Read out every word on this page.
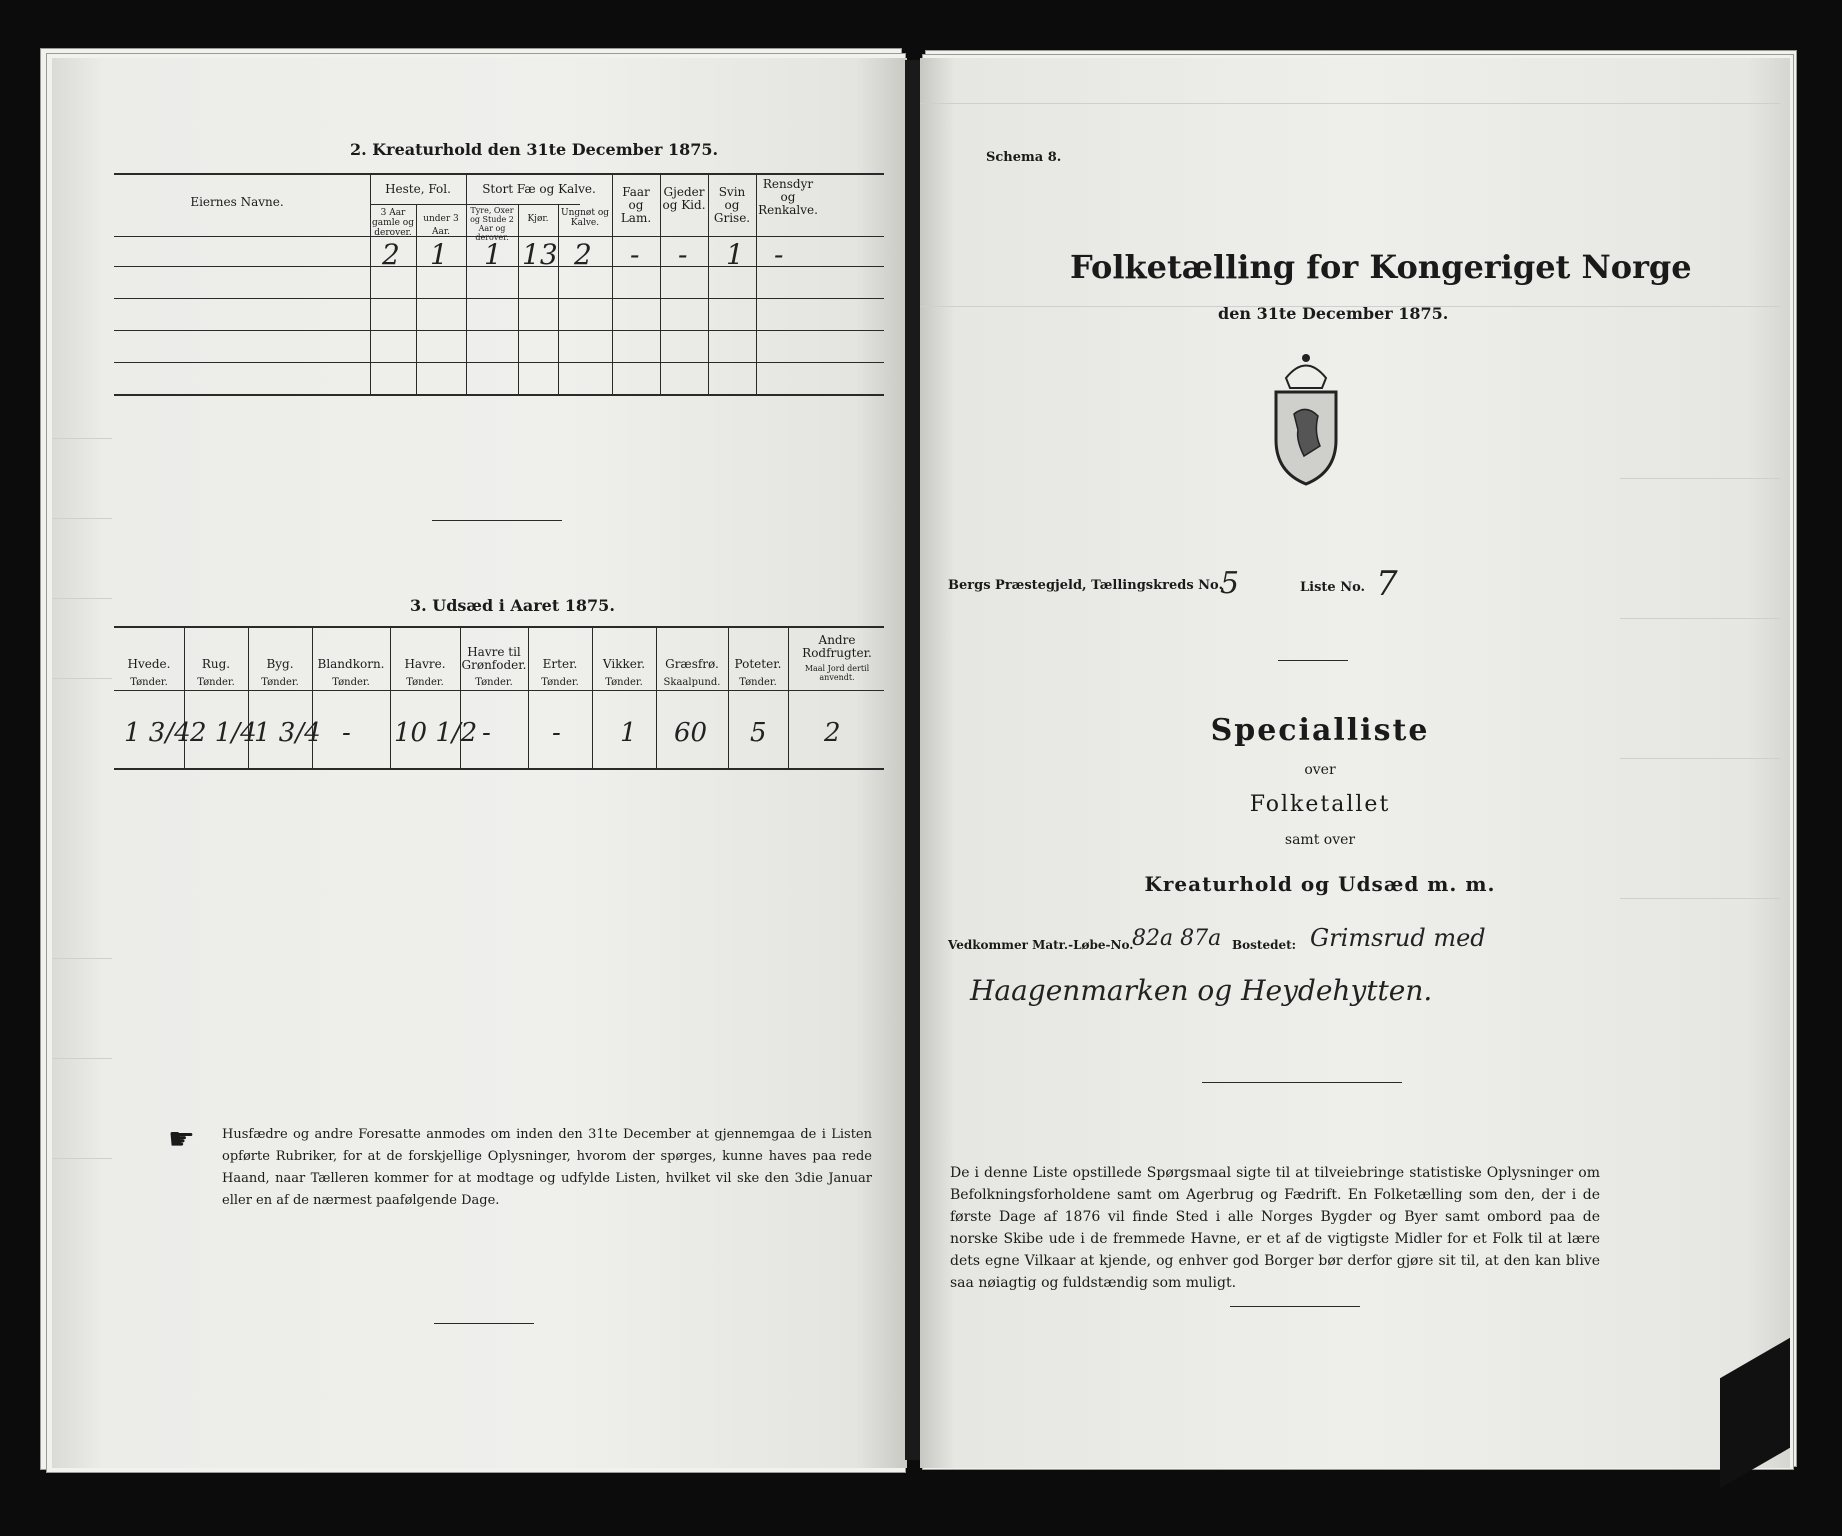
2. Kreaturhold den 31te December 1875.
Eiernes Navne.
Heste, Fol.	Stort Fæ og Kalve.
3 Aar gamle og derover.
under 3 Aar.
Tyre, Oxer og Stude 2 Aar og derover.
Kjør.
Ungnøt og Kalve.
Faar og Lam.
Gjeder og Kid.
Svin og Grise.
Rensdyr og Renkalve.
2 1 1 13 2 - - 1 -
3. Udsæd i Aaret 1875.
Hvede.
Tønder.
Rug.
Tønder.
Byg.
Tønder.
Blandkorn.
Tønder.
Havre.
Tønder.
Havre til Grønfoder.
Tønder.
Erter.
Tønder.
Vikker.
Tønder.
Græsfrø.
Skaalpund.
Poteter.
Tønder.
Andre Rodfrugter.
Maal Jord dertil anvendt.
1 3/4 2 1/4
1 3/4 - 10 1/2 - - 1 60 5 2
☛ Husfædre og andre Foresatte anmodes om inden den 31te December at gjennemgaa de i Listen opførte Rubriker, for at de forskjellige Oplysninger, hvorom der spørges, kunne haves paa rede Haand, naar Tælleren kommer for at modtage og udfylde Listen, hvilket vil ske den 3die Januar eller en af de nærmest paafølgende Dage.
Schema 8.
Folketælling for Kongeriget Norge
den 31te December 1875.
Bergs Præstegjeld, Tællingskreds No.
5	Liste No. 7
Specialliste
over
Folketallet
samt over
Kreaturhold og Udsæd m. m.
Vedkommer Matr.-Løbe-No.
82a 87a Bostedet: Grimsrud med
Haagenmarken og Heydehytten.
De i denne Liste opstillede Spørgsmaal sigte til at tilveiebringe statistiske Oplysninger om Befolkningsforholdene samt om Agerbrug og Fædrift. En Folketælling som den, der i de første Dage af 1876 vil finde Sted i alle Norges Bygder og Byer samt ombord paa de norske Skibe ude i de fremmede Havne, er et af de vigtigste Midler for et Folk til at lære dets egne Vilkaar at kjende, og enhver god Borger bør derfor gjøre sit til, at den kan blive saa nøiagtig og fuldstændig som muligt.
